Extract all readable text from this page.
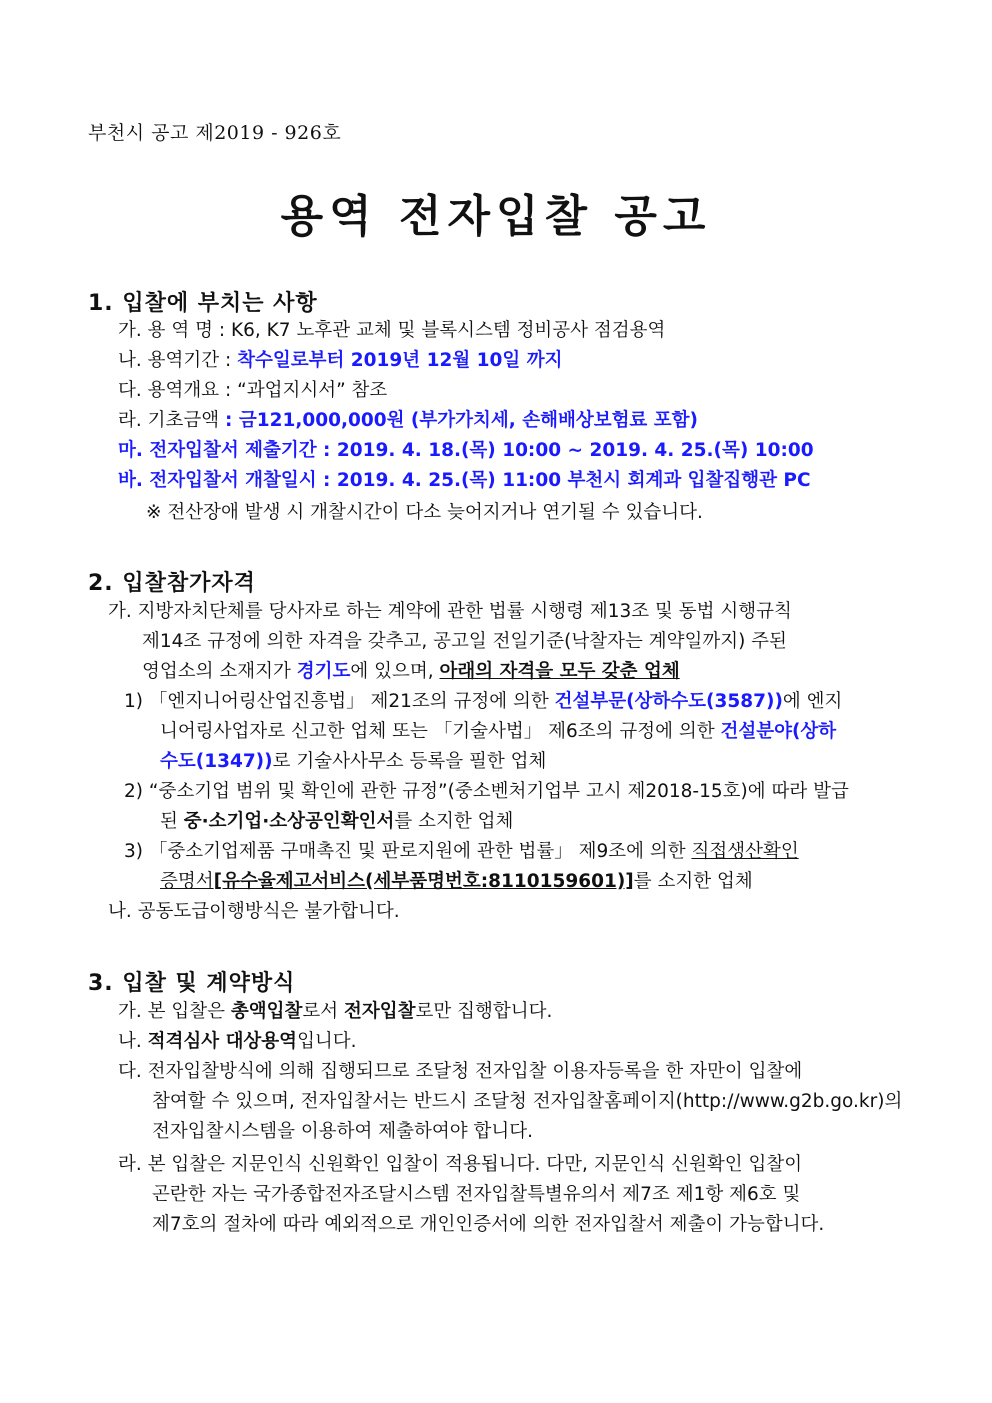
부천시 공고 제2019 - 926호
용역 전자입찰 공고
1. 입찰에 부치는 사항
가. 용 역 명 : K6, K7 노후관 교체 및 블록시스템 정비공사 점검용역
나. 용역기간 : 착수일로부터 2019년 12월 10일 까지
다. 용역개요 : “과업지시서” 참조
라. 기초금액 : 금121,000,000원 (부가가치세, 손해배상보험료 포함)
마. 전자입찰서 제출기간 : 2019. 4. 18.(목) 10:00 ~ 2019. 4. 25.(목) 10:00
바. 전자입찰서 개찰일시 : 2019. 4. 25.(목) 11:00 부천시 회계과 입찰집행관 PC
※ 전산장애 발생 시 개찰시간이 다소 늦어지거나 연기될 수 있습니다.
2. 입찰참가자격
가. 지방자치단체를 당사자로 하는 계약에 관한 법률 시행령 제13조 및 동법 시행규칙
제14조 규정에 의한 자격을 갖추고, 공고일 전일기준(낙찰자는 계약일까지) 주된
영업소의 소재지가 경기도에 있으며, 아래의 자격을 모두 갖춘 업체
1) 「엔지니어링산업진흥법」 제21조의 규정에 의한 건설부문(상하수도(3587))에 엔지
니어링사업자로 신고한 업체 또는 「기술사법」 제6조의 규정에 의한 건설분야(상하
수도(1347))로 기술사사무소 등록을 필한 업체
2) “중소기업 범위 및 확인에 관한 규정”(중소벤처기업부 고시 제2018-15호)에 따라 발급
된 중·소기업·소상공인확인서를 소지한 업체
3) 「중소기업제품 구매촉진 및 판로지원에 관한 법률」 제9조에 의한 직접생산확인
증명서[유수율제고서비스(세부품명번호:8110159601)]를 소지한 업체
나. 공동도급이행방식은 불가합니다.
3. 입찰 및 계약방식
가. 본 입찰은 총액입찰로서 전자입찰로만 집행합니다.
나. 적격심사 대상용역입니다.
다. 전자입찰방식에 의해 집행되므로 조달청 전자입찰 이용자등록을 한 자만이 입찰에
참여할 수 있으며, 전자입찰서는 반드시 조달청 전자입찰홈페이지(http://www.g2b.go.kr)의
전자입찰시스템을 이용하여 제출하여야 합니다.
라. 본 입찰은 지문인식 신원확인 입찰이 적용됩니다. 다만, 지문인식 신원확인 입찰이
곤란한 자는 국가종합전자조달시스템 전자입찰특별유의서 제7조 제1항 제6호 및
제7호의 절차에 따라 예외적으로 개인인증서에 의한 전자입찰서 제출이 가능합니다.
